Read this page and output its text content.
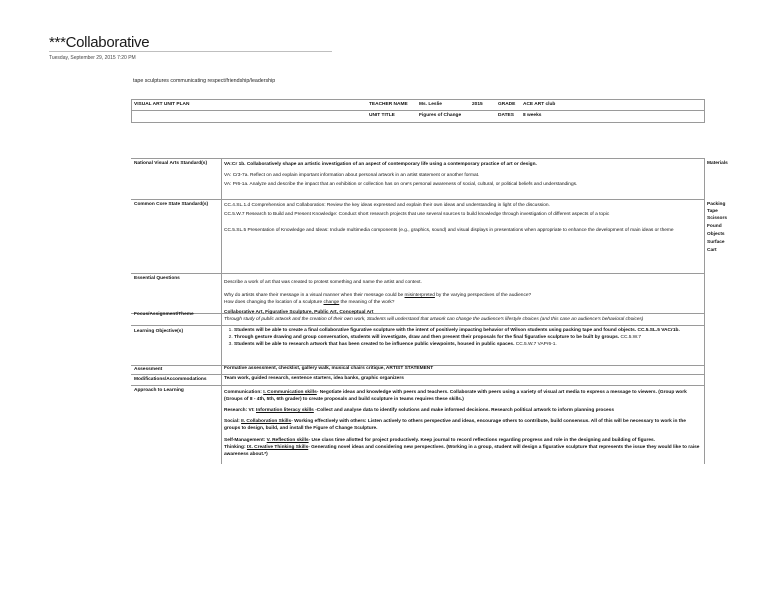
***Collaborative
Tuesday, September 29, 2015 7:20 PM
tape sculptures communicating respect/friendship/leadership
VISUAL ART UNIT PLAN	TEACHER NAME Ms. Leslie	2015	GRADE ACE ART club
UNIT TITLE	Figures of Change	DATES 8 weeks
National Visual Arts Standard(s)	VA:Cr 1b. Collaboratively shape an artistic investigation of an aspect of contemporary life using a contemporary practice of art or design.
VA: Cr3-7a. Reflect on and explain important information about personal artwork in an artist statement or another format.
VA: Pr6-1a. Analyze and describe the impact that an exhibition or collection has on one's personal awareness of social, cultural, or political beliefs and understandings.
Materials
Common Core State Standard(s)	CC.4.SL.1.d Comprehension and Collaboration: Review the key ideas expressed and explain their own ideas and understanding in light of the discussion.
CC.5.W.7 Research to Build and Present Knowledge: Conduct short research projects that use several sources to build knowledge through investigation of different aspects of a topic
CC.5.SL.5 Presentation of Knowledge and Ideas: Include multimedia components (e.g., graphics, sound) and visual displays in presentations when appropriate to enhance the development of main ideas or theme
Packing
Tape
Scissors
Found
Objects
Surface
Cart
Essential Questions
Describe a work of art that was created to protest something and name the artist and context.
Why do artists share their message in a visual manner when their message could be misinterpreted by the varying perspectives of the audience?
How does changing the location of a sculpture change the meaning of the work?
Focus/Assignment/Theme	Collaborative Art, Figurative Sculpture, Public Art, Conceptual Art
Through study of public artwork and the creation of their own work, Students will understand that artwork can change the audience's lifestyle choices (and this case an audience's behavioral choices)
Learning Objective(s)
1.	Students will be able to create a final collaborative figurative sculpture with the intent of positively impacting behavior of Wilson students using packing tape and found objects. CC.5.SL.5 VACr1b.
2. Through gesture drawing and group conversation, students will investigate, draw and then present their proposals for the final figurative sculpture to be built by groups. CC.5.W.7
3. Students will be able to research artwork that has been created to be influence public viewpoints, housed in public spaces. CC.5.W.7 VAPr6-1.
Assessment	Formative assessment, checklist, gallery walk, musical chairs critique, ARTIST STATEMENT
Modifications/Accommodations	Team work, guided research, sentence starters, idea banks, graphic organizers
Approach to Learning	Communication: I. Communication skills- Negotiate ideas and knowledge with peers and teachers. Collaborate with peers using a variety of visual art media to express a message to viewers. (Group work (Groups of 8 - 4th, 5th, 6th grader) to create proposals and build sculpture in teams requires these skills.)
Research: VI: Information literacy skills -Collect and analyse data to identify solutions and make informed decisions. Research political artwork to inform planning process
Social: II. Collaboration Skills- Working effectively with others: Listen actively to others perspective and ideas, encourage others to contribute, build consensus. All of this will be necessary to work in the groups to design, build, and install the Figure of Change Sculpture.
Self-Management: V. Reflection skills- Use class time allotted for project productively. Keep journal to record reflections regarding progress and role in the designing and building of figures.
Thinking: IX. Creative Thinking Skills- Generating novel ideas and considering new perspectives. (Working in a group, student will design a figurative sculpture that represents the issue they would like to raise awareness about.*)
